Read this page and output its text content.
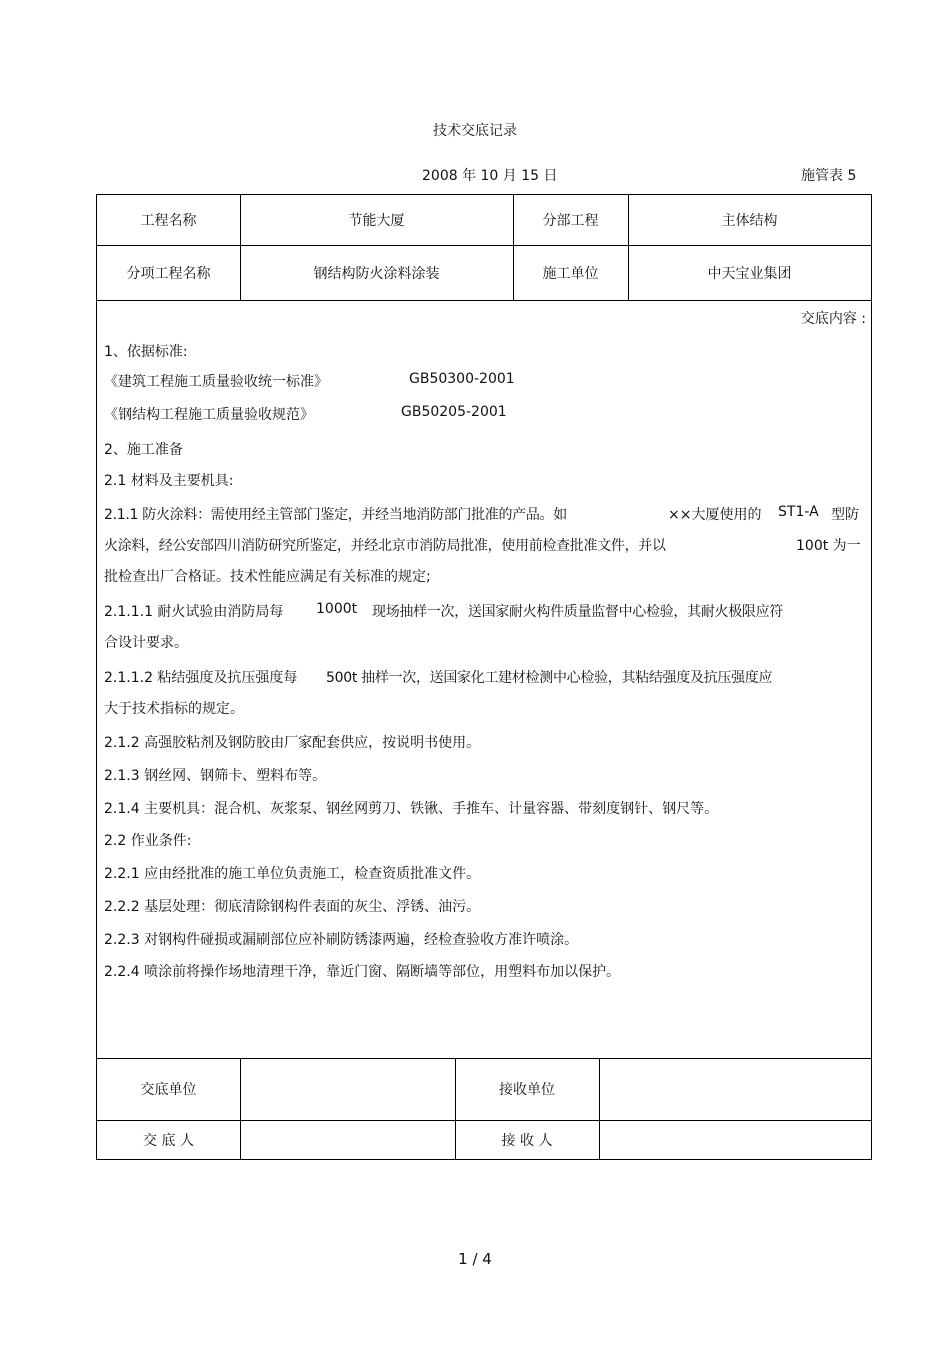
技术交底记录
2008 年 10 月 15 日	施管表 5
工程名称	节能大厦	分部工程	主体结构
分项工程名称	钢结构防火涂料涂装	施工单位	中天宝业集团
交底内容 :
1、依据标准:
《建筑工程施工质量验收统一标准》	GB50300-2001
《钢结构工程施工质量验收规范》	GB50205-2001
2、施工准备
2.1 材料及主要机具:
2.1.1 防火涂料：需使用经主管部门鉴定，并经当地消防部门批准的产品。如	××大厦使用的 ST1-A 型防
火涂料，经公安部四川消防研究所鉴定，并经北京市消防局批准，使用前检查批准文件，并以	100t 为一
批检查出厂合格证。技术性能应满足有关标准的规定;
2.1.1.1 耐火试验由消防局每 1000t 现场抽样一次，送国家耐火构件质量监督中心检验，其耐火极限应符
合设计要求。
2.1.1.2 粘结强度及抗压强度每 500t 抽样一次，送国家化工建材检测中心检验，其粘结强度及抗压强度应
大于技术指标的规定。
2.1.2 高强胶粘剂及钢防胶由厂家配套供应，按说明书使用。
2.1.3 钢丝网、钢筛卡、塑料布等。
2.1.4 主要机具：混合机、灰浆泵、钢丝网剪刀、铁锹、手推车、计量容器、带刻度钢针、钢尺等。
2.2 作业条件:
2.2.1 应由经批准的施工单位负责施工，检查资质批准文件。
2.2.2 基层处理：彻底清除钢构件表面的灰尘、浮锈、油污。
2.2.3 对钢构件碰损或漏刷部位应补刷防锈漆两遍，经检查验收方准许喷涂。
2.2.4 喷涂前将操作场地清理干净，靠近门窗、隔断墙等部位，用塑料布加以保护。
交底单位	接收单位
交 底 人	接 收 人
1 / 4
